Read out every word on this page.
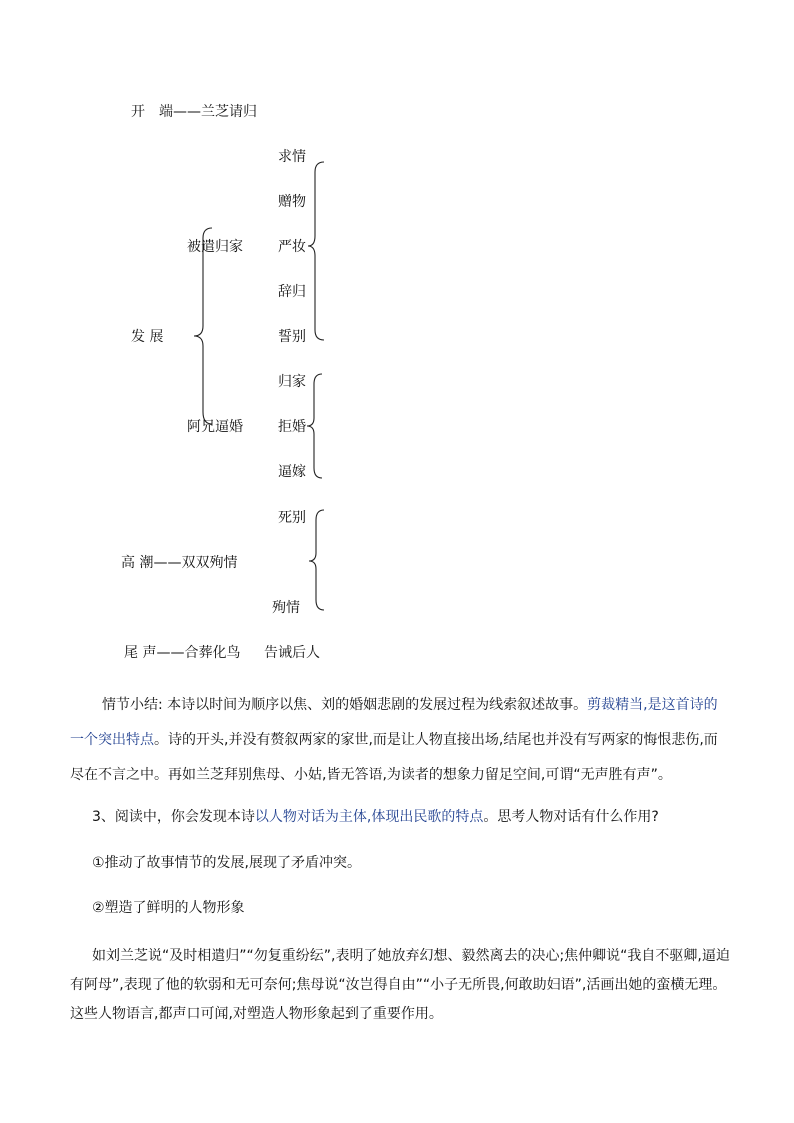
开　端——兰芝请归
求情
赠物
被遣归家	严妆
辞归
发 展	誓别
归家
阿兄逼婚	拒婚
逼嫁
死别
高 潮——双双殉情
殉情
尾 声——合葬化鸟 告诫后人
情节小结: 本诗以时间为顺序以焦、刘的婚姻悲剧的发展过程为线索叙述故事。剪裁精当,是这首诗的一个突出特点。诗的开头,并没有赘叙两家的家世,而是让人物直接出场,结尾也并没有写两家的悔恨悲伤,而尽在不言之中。再如兰芝拜别焦母、小姑,皆无答语,为读者的想象力留足空间,可谓“无声胜有声”。
3、阅读中，你会发现本诗以人物对话为主体,体现出民歌的特点。思考人物对话有什么作用?
①推动了故事情节的发展,展现了矛盾冲突。
②塑造了鲜明的人物形象
如刘兰芝说“及时相遣归”“勿复重纷纭”,表明了她放弃幻想、毅然离去的决心;焦仲卿说“我自不驱卿,逼迫有阿母”,表现了他的软弱和无可奈何;焦母说“汝岂得自由”“小子无所畏,何敢助妇语”,活画出她的蛮横无理。这些人物语言,都声口可闻,对塑造人物形象起到了重要作用。
